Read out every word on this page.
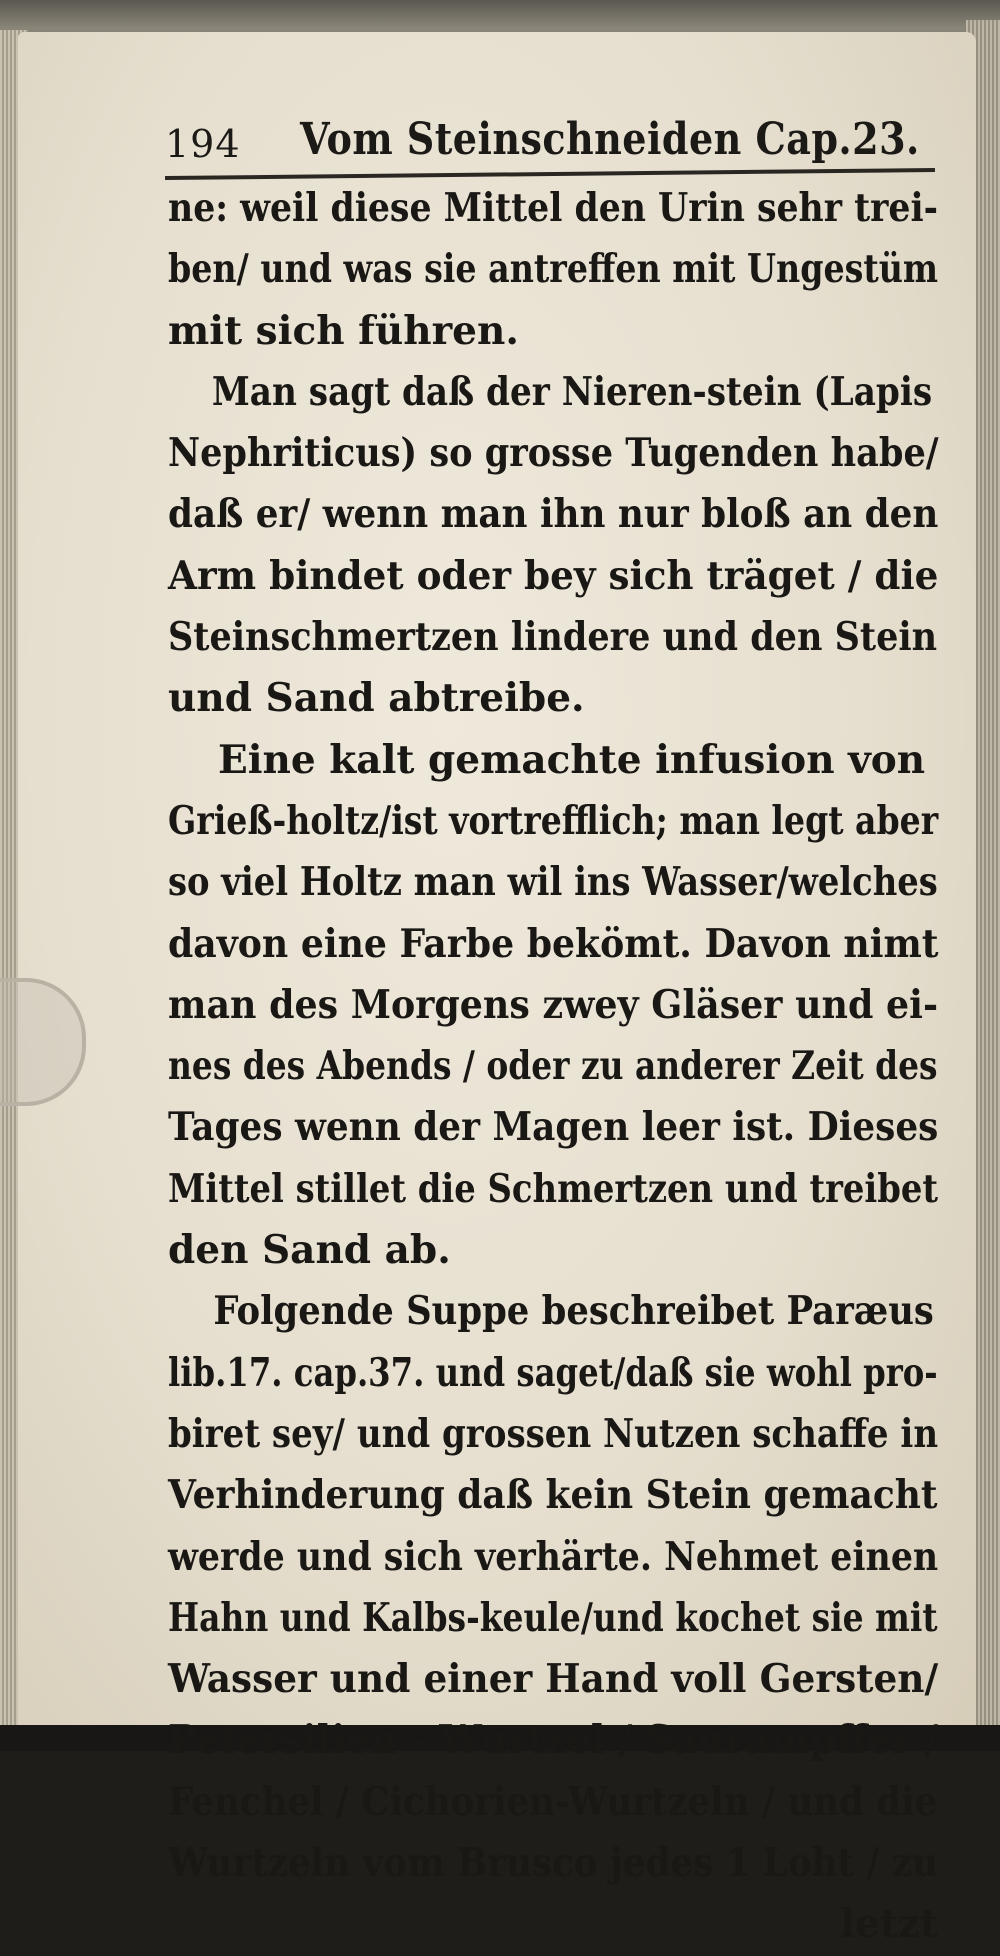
194 Vom Steinschneiden Cap.23.
ne: weil diese Mittel den Urin sehr trei-
ben/ und was sie antreffen mit Ungestüm
mit sich führen.
Man sagt daß der Nieren-stein (Lapis
Nephriticus) so grosse Tugenden habe/
daß er/ wenn man ihn nur bloß an den
Arm bindet oder bey sich träget / die
Steinschmertzen lindere und den Stein
und Sand abtreibe.
Eine kalt gemachte infusion von
Grieß-holtz/ist vortrefflich; man legt aber
so viel Holtz man wil ins Wasser/welches
davon eine Farbe bekömt. Davon nimt
man des Morgens zwey Gläser und ei-
nes des Abends / oder zu anderer Zeit des
Tages wenn der Magen leer ist. Dieses
Mittel stillet die Schmertzen und treibet
den Sand ab.
Folgende Suppe beschreibet Paræus
lib.17. cap.37. und saget/daß sie wohl pro-
biret sey/ und grossen Nutzen schaffe in
Verhinderung daß kein Stein gemacht
werde und sich verhärte. Nehmet einen
Hahn und Kalbs-keule/und kochet sie mit
Wasser und einer Hand voll Gersten/
Petersilien - Wurtzel / Saurampffer /
Fenchel / Cichorien-Wurtzeln / und die
Wurtzeln vom Brusco jedes 1 Loht / zu
letzt
